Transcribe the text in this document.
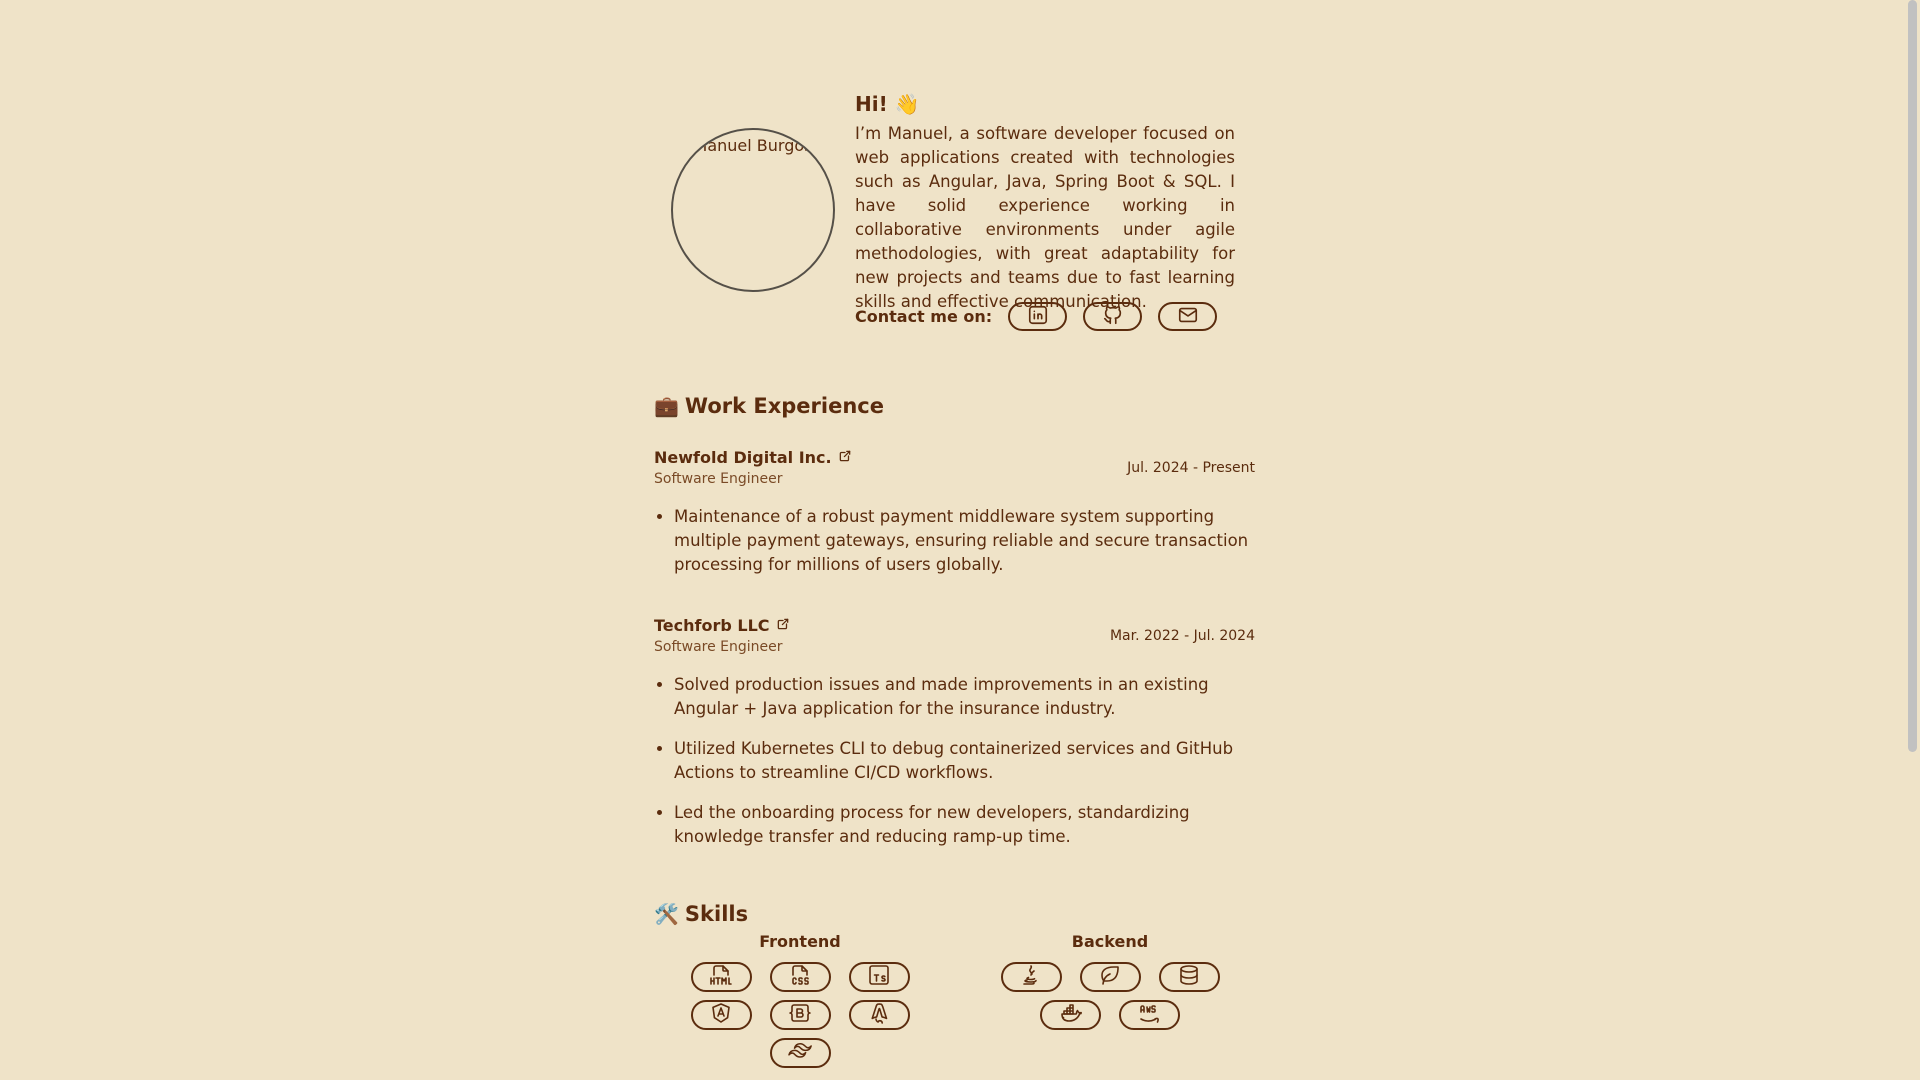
Manuel Burgos
Hi! 👋

I’m Manuel, a software developer focused on web applications created with technologies such as Angular, Java, Spring Boot & SQL. I have solid experience working in collaborative environments under agile methodologies, with great adaptability for new projects and teams due to fast learning skills and effective communication.

Contact me on:
💼 Work Experience
Newfold Digital Inc.
Software Engineer
Jul. 2024 - Present
• Maintenance of a robust payment middleware system supporting multiple payment gateways, ensuring reliable and secure transaction processing for millions of users globally.
Techforb LLC
Software Engineer
Mar. 2022 - Jul. 2024
• Solved production issues and made improvements in an existing Angular + Java application for the insurance industry.
• Utilized Kubernetes CLI to debug containerized services and GitHub Actions to streamline CI/CD workflows.
• Led the onboarding process for new developers, standardizing knowledge transfer and reducing ramp-up time.
🛠️ Skills
Frontend	Backend
